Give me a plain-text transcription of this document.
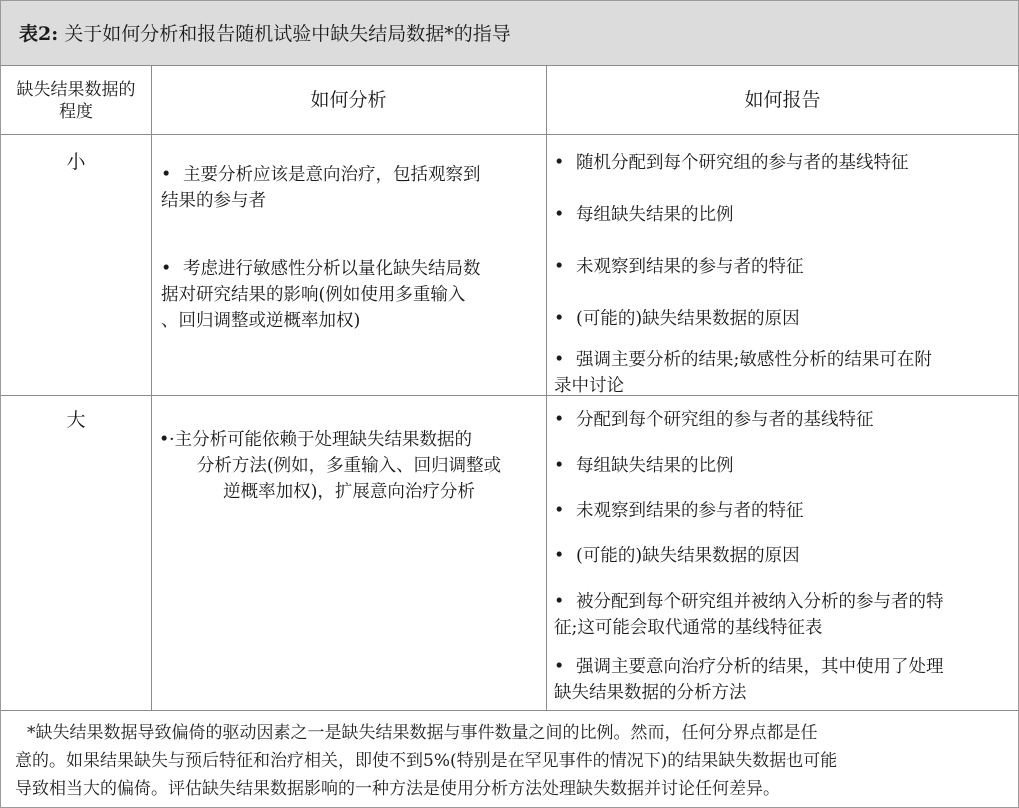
表2: 关于如何分析和报告随机试验中缺失结局数据*的指导
缺失结果数据的
程度
如何分析	如何报告
小
• 主要分析应该是意向治疗，包括观察到
结果的参与者
• 考虑进行敏感性分析以量化缺失结局数
据对研究结果的影响(例如使用多重输入
、回归调整或逆概率加权)
• 随机分配到每个研究组的参与者的基线特征
• 每组缺失结果的比例
• 未观察到结果的参与者的特征
• (可能的)缺失结果数据的原因
• 强调主要分析的结果;敏感性分析的结果可在附
录中讨论
大
•·主分析可能依赖于处理缺失结果数据的
分析方法(例如，多重输入、回归调整或
逆概率加权)，扩展意向治疗分析
• 分配到每个研究组的参与者的基线特征
• 每组缺失结果的比例
• 未观察到结果的参与者的特征
• (可能的)缺失结果数据的原因
• 被分配到每个研究组并被纳入分析的参与者的特
征;这可能会取代通常的基线特征表
• 强调主要意向治疗分析的结果，其中使用了处理
缺失结果数据的分析方法
*缺失结果数据导致偏倚的驱动因素之一是缺失结果数据与事件数量之间的比例。然而，任何分界点都是任
意的。如果结果缺失与预后特征和治疗相关，即使不到5%(特别是在罕见事件的情况下)的结果缺失数据也可能
导致相当大的偏倚。评估缺失结果数据影响的一种方法是使用分析方法处理缺失数据并讨论任何差异。
